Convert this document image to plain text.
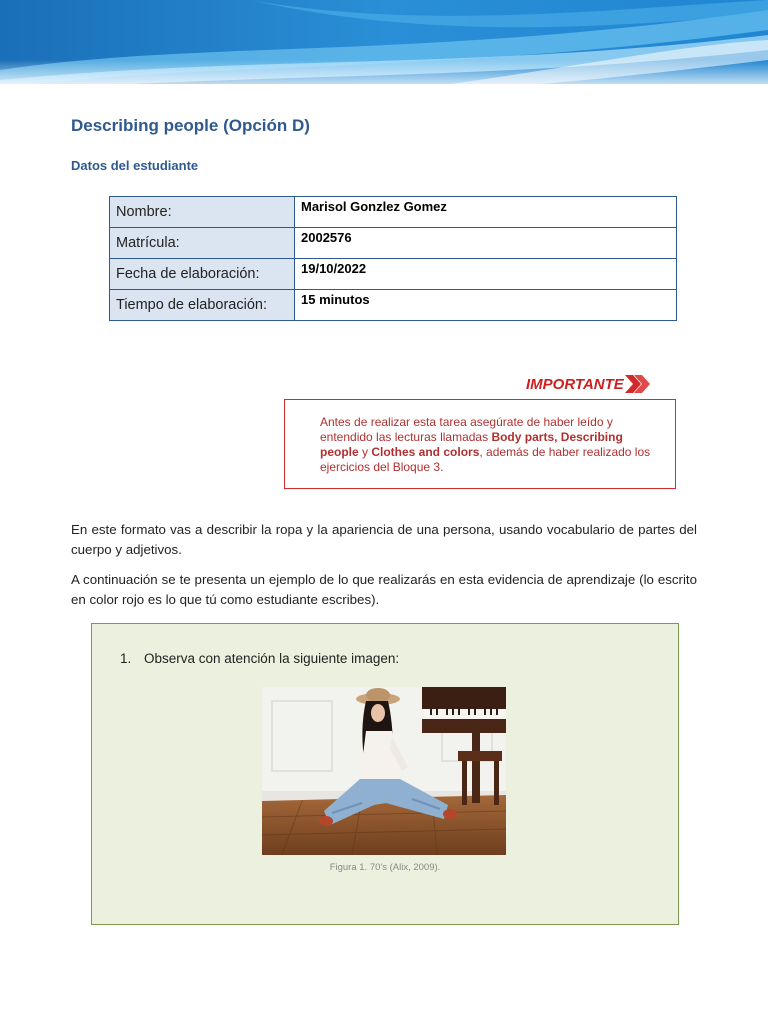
Describing people (Opción D)
Datos del estudiante
Nombre:	Marisol Gonzlez Gomez
Matrícula:	2002576
Fecha de elaboración:	19/10/2022
Tiempo de elaboración:	15 minutos
IMPORTANTE
Antes de realizar esta tarea asegúrate de haber leído y entendido las lecturas llamadas Body parts, Describing people y Clothes and colors, además de haber realizado los ejercicios del Bloque 3.

En este formato vas a describir la ropa y la apariencia de una persona, usando vocabulario de partes del cuerpo y adjetivos.

A continuación se te presenta un ejemplo de lo que realizarás en esta evidencia de aprendizaje (lo escrito en color rojo es lo que tú como estudiante escribes).

1. Observa con atención la siguiente imagen:
Figura 1. 70's (Alix, 2009).
